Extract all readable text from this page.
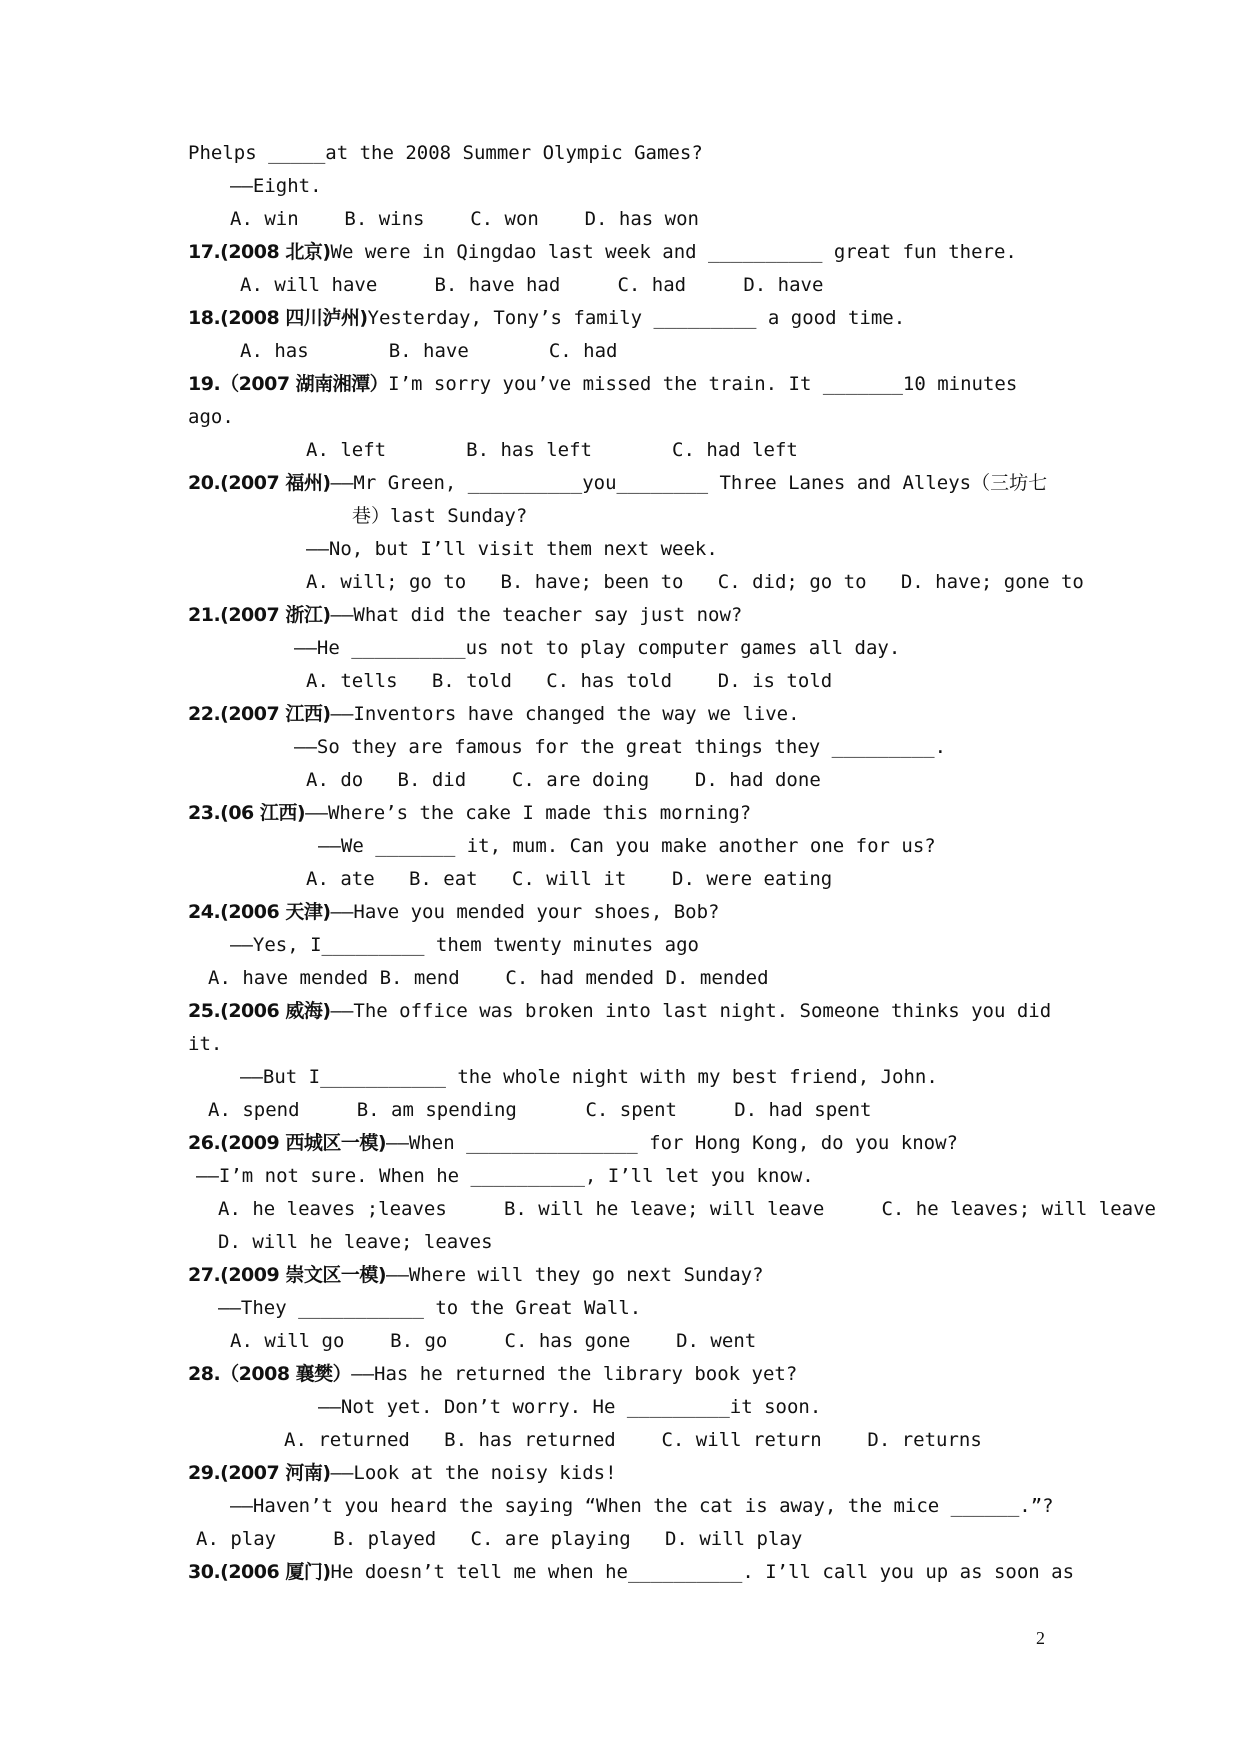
Phelps _____at the 2008 Summer Olympic Games?
——Eight.
A. win    B. wins    C. won    D. has won
17.(2008 北京)We were in Qingdao last week and __________ great fun there.
A. will have     B. have had     C. had     D. have
18.(2008 四川泸州)Yesterday, Tony’s family _________ a good time.
A. has       B. have       C. had
19.（2007 湖南湘潭）I’m sorry you’ve missed the train. It _______10 minutes
ago.
A. left       B. has left       C. had left
20.(2007 福州)——Mr Green, __________you________ Three Lanes and Alleys（三坊七
巷）last Sunday?
——No, but I’ll visit them next week.
A. will; go to   B. have; been to   C. did; go to   D. have; gone to
21.(2007 浙江)——What did the teacher say just now?
——He __________us not to play computer games all day.
A. tells   B. told   C. has told    D. is told
22.(2007 江西)——Inventors have changed the way we live.
——So they are famous for the great things they _________.
A. do   B. did    C. are doing    D. had done
23.(06 江西)——Where’s the cake I made this morning?
——We _______ it, mum. Can you make another one for us?
A. ate   B. eat   C. will it    D. were eating
24.(2006 天津)——Have you mended your shoes, Bob?
——Yes, I_________ them twenty minutes ago
A. have mended B. mend    C. had mended D. mended
25.(2006 威海)——The office was broken into last night. Someone thinks you did
it.
——But I___________ the whole night with my best friend, John.
A. spend     B. am spending      C. spent     D. had spent
26.(2009 西城区一模)——When _______________ for Hong Kong, do you know?
——I’m not sure. When he __________, I’ll let you know.
A. he leaves ;leaves     B. will he leave; will leave     C. he leaves; will leave
D. will he leave; leaves
27.(2009 崇文区一模)——Where will they go next Sunday?
——They ___________ to the Great Wall.
A. will go    B. go     C. has gone    D. went
28.（2008 襄樊）——Has he returned the library book yet?
——Not yet. Don’t worry. He _________it soon.
A. returned   B. has returned    C. will return    D. returns
29.(2007 河南)——Look at the noisy kids!
——Haven’t you heard the saying “When the cat is away, the mice ______.”?
A. play     B. played   C. are playing   D. will play
30.(2006 厦门)He doesn’t tell me when he__________. I’ll call you up as soon as
2
